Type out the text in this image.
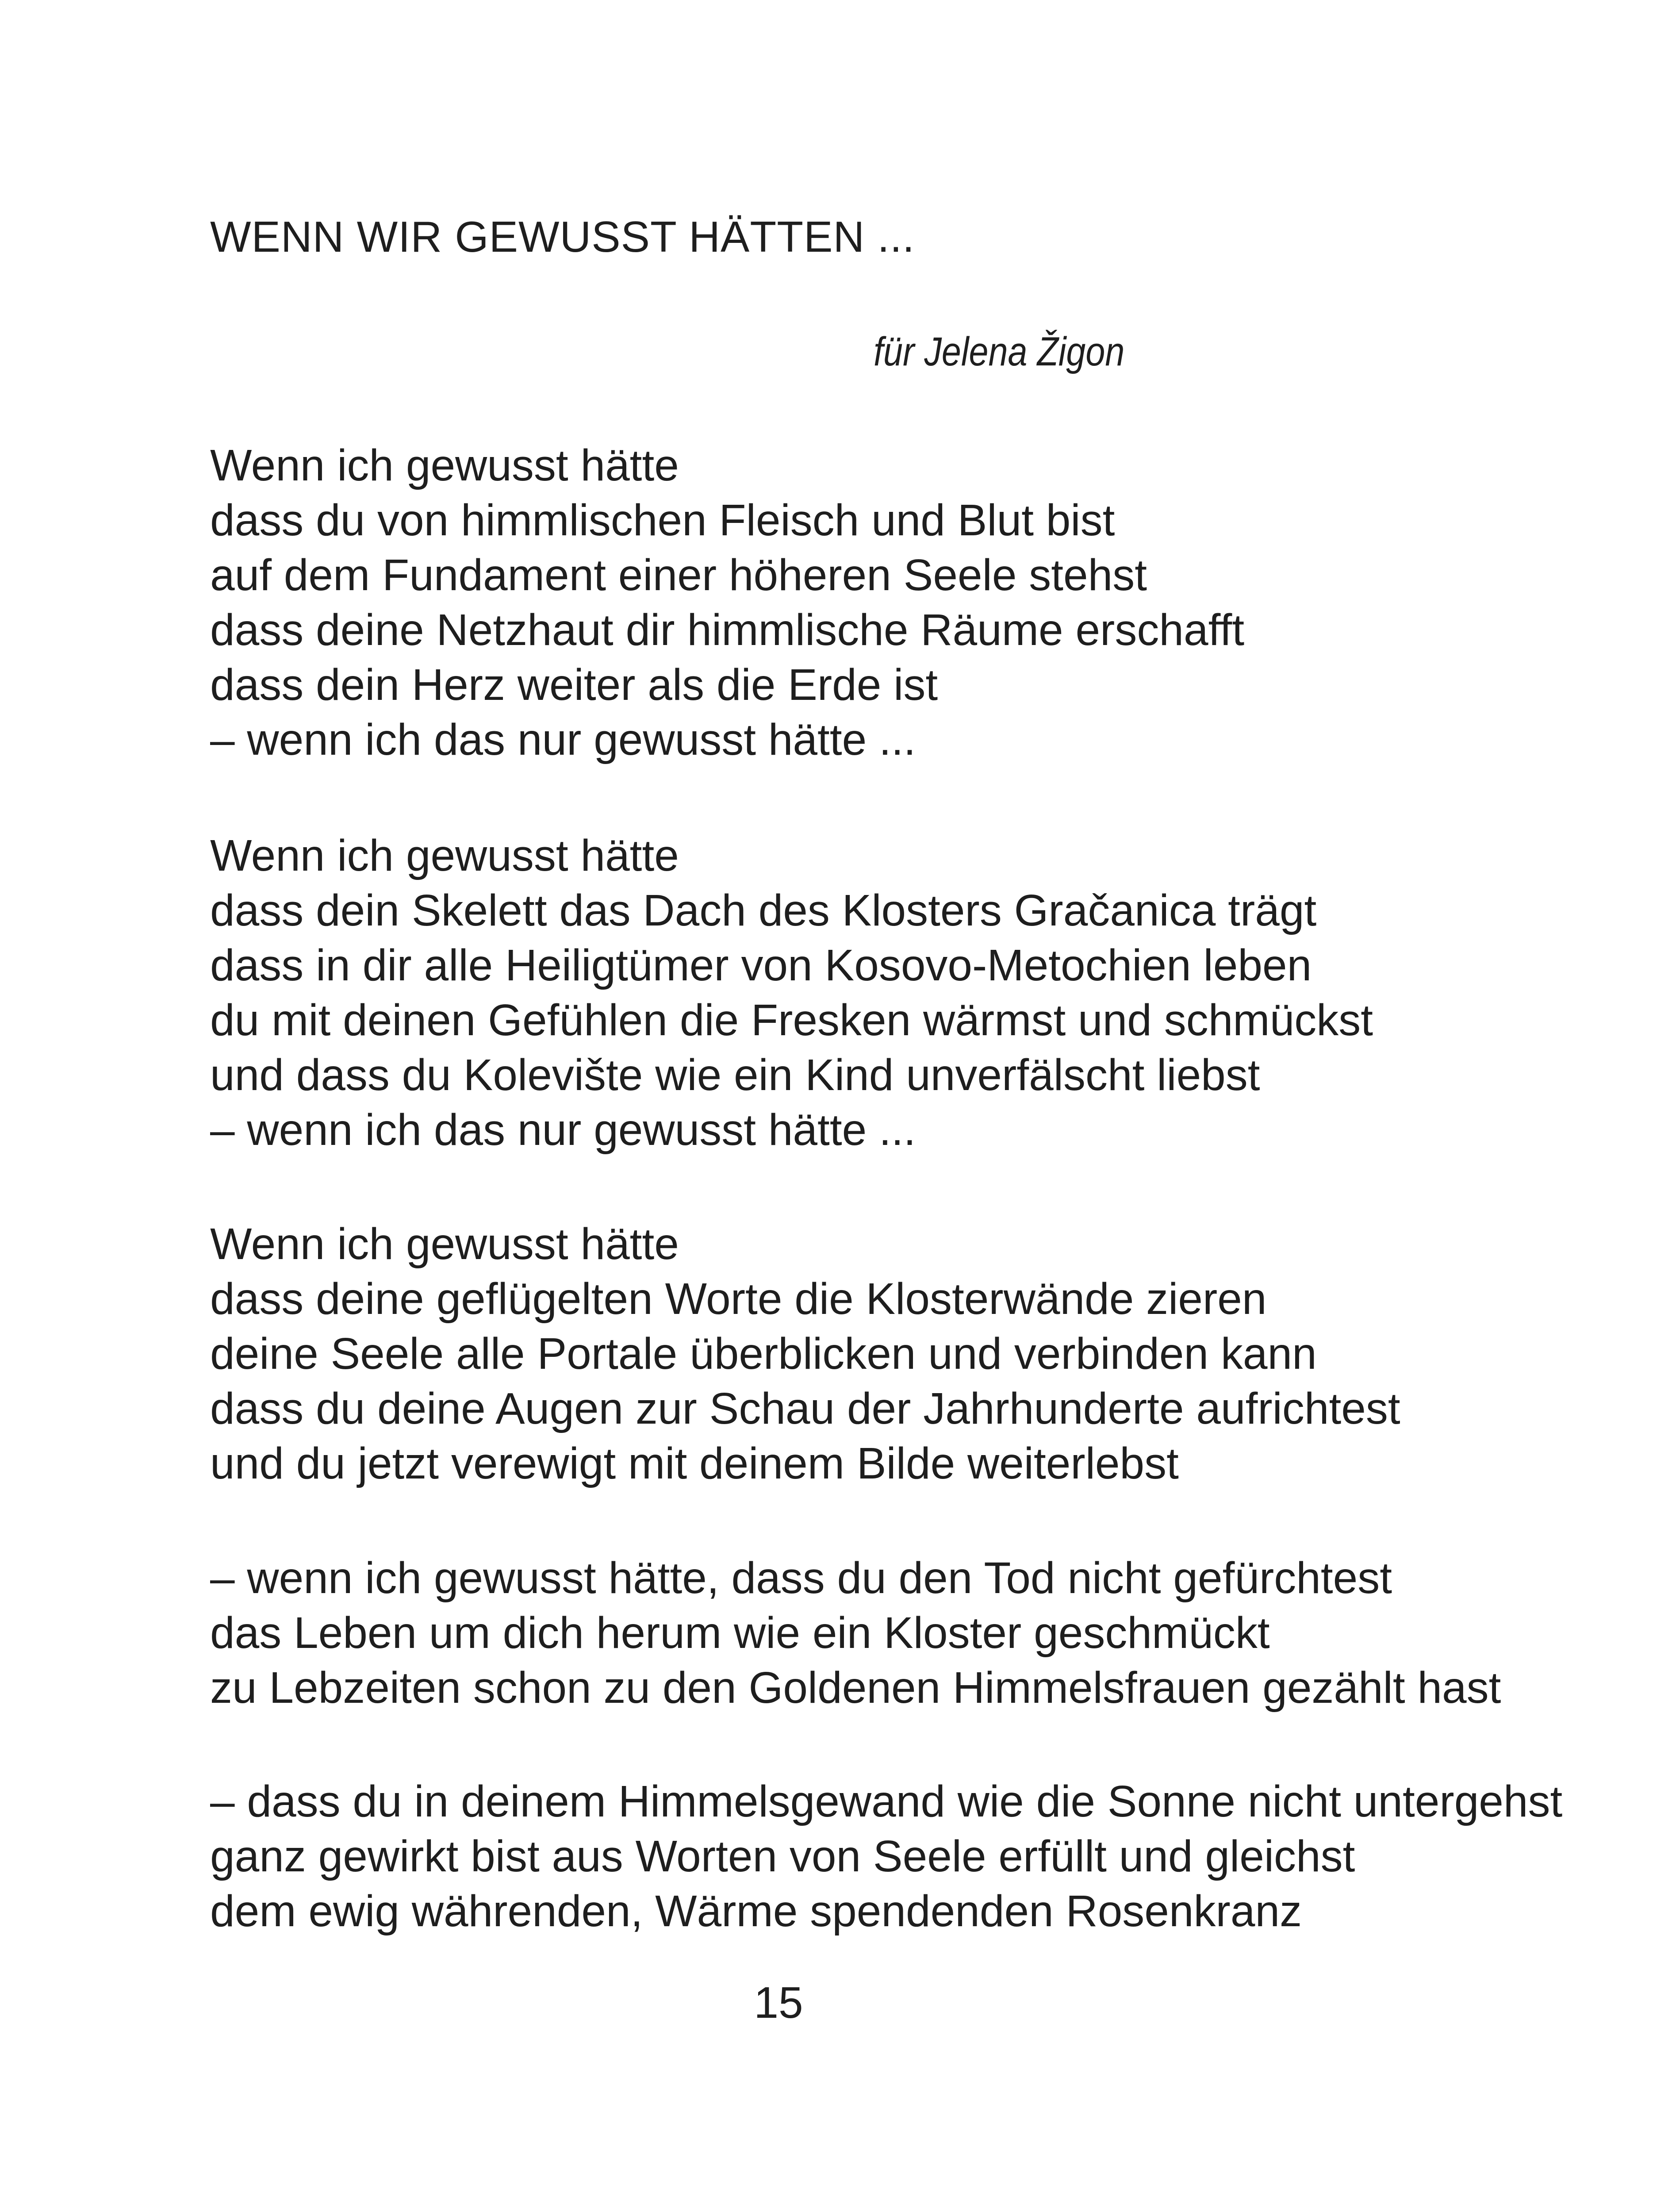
WENN WIR GEWUSST HÄTTEN ...
für Jelena Žigon
Wenn ich gewusst hätte
dass du von himmlischen Fleisch und Blut bist
auf dem Fundament einer höheren Seele stehst
dass deine Netzhaut dir himmlische Räume erschafft
dass dein Herz weiter als die Erde ist
– wenn ich das nur gewusst hätte ...
Wenn ich gewusst hätte
dass dein Skelett das Dach des Klosters Gračanica trägt
dass in dir alle Heiligtümer von Kosovo-Metochien leben
du mit deinen Gefühlen die Fresken wärmst und schmückst
und dass du Kolevište wie ein Kind unverfälscht liebst
– wenn ich das nur gewusst hätte ...
Wenn ich gewusst hätte
dass deine geflügelten Worte die Klosterwände zieren
deine Seele alle Portale überblicken und verbinden kann
dass du deine Augen zur Schau der Jahrhunderte aufrichtest
und du jetzt verewigt mit deinem Bilde weiterlebst
– wenn ich gewusst hätte, dass du den Tod nicht gefürchtest
das Leben um dich herum wie ein Kloster geschmückt
zu Lebzeiten schon zu den Goldenen Himmelsfrauen gezählt hast
– dass du in deinem Himmelsgewand wie die Sonne nicht untergehst
ganz gewirkt bist aus Worten von Seele erfüllt und gleichst
dem ewig währenden, Wärme spendenden Rosenkranz
15
